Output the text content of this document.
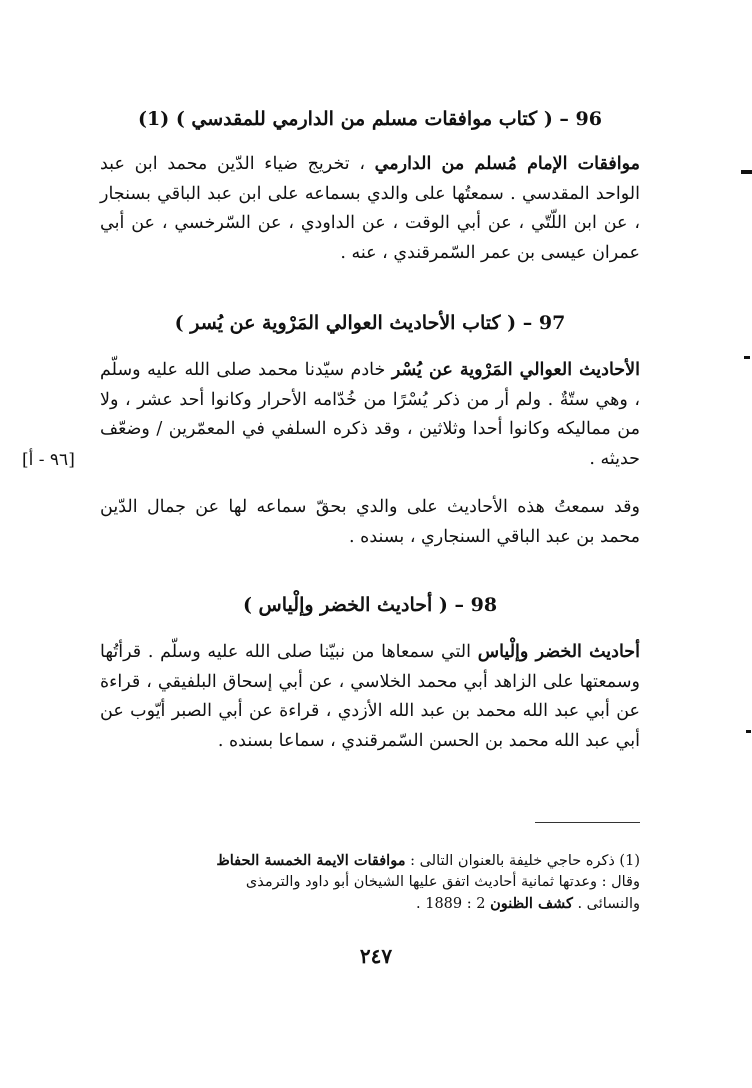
96 – ( كتاب موافقات مسلم من الدارمي للمقدسي ) (1)

موافقات الإمام مُسلم من الدارمي ، تخريج ضياء الدّين محمد ابن عبد الواحد المقدسي . سمعتُها على والدي بسماعه على ابن عبد الباقي بسنجار ، عن ابن اللّتّي ، عن أبي الوقت ، عن الداودي ، عن السّرخسي ، عن أبي عمران عيسى بن عمر السّمرقندي ، عنه .

97 – ( كتاب الأحاديث العوالي المَرْوية عن يُسر )

الأحاديث العوالي المَرْوية عن يُسْر خادم سيّدنا محمد صلى الله عليه وسلّم ، وهي ستّةٌ . ولم أر من ذكر يُسْرًا من خُدّامه الأحرار وكانوا أحد عشر ، ولا من مماليكه وكانوا أحدا وثلاثين ، وقد ذكره السلفي في المعمّرين / وضعّف حديثه .

[٩٦ - أ]

وقد سمعتُ هذه الأحاديث على والدي بحقّ سماعه لها عن جمال الدّين محمد بن عبد الباقي السنجاري ، بسنده .

98 – ( أحاديث الخضر وإلْياس )

أحاديث الخضر وإلْياس التي سمعاها من نبيّنا صلى الله عليه وسلّم . قرأتُها وسمعتها على الزاهد أبي محمد الخلاسي ، عن أبي إسحاق البلفيقي ، قراءة عن أبي عبد الله محمد بن عبد الله الأزدي ، قراءة عن أبي الصبر أيّوب عن أبي عبد الله محمد بن الحسن السّمرقندي ، سماعا بسنده .

(1) ذكره حاجي خليفة بالعنوان التالى : موافقات الايمة الخمسة الحفاظ

وقال : وعدتها ثمانية أحاديث اتفق عليها الشيخان أبو داود والترمذى

والنسائى . كشف الظنون 2 : 1889 .

٢٤٧
